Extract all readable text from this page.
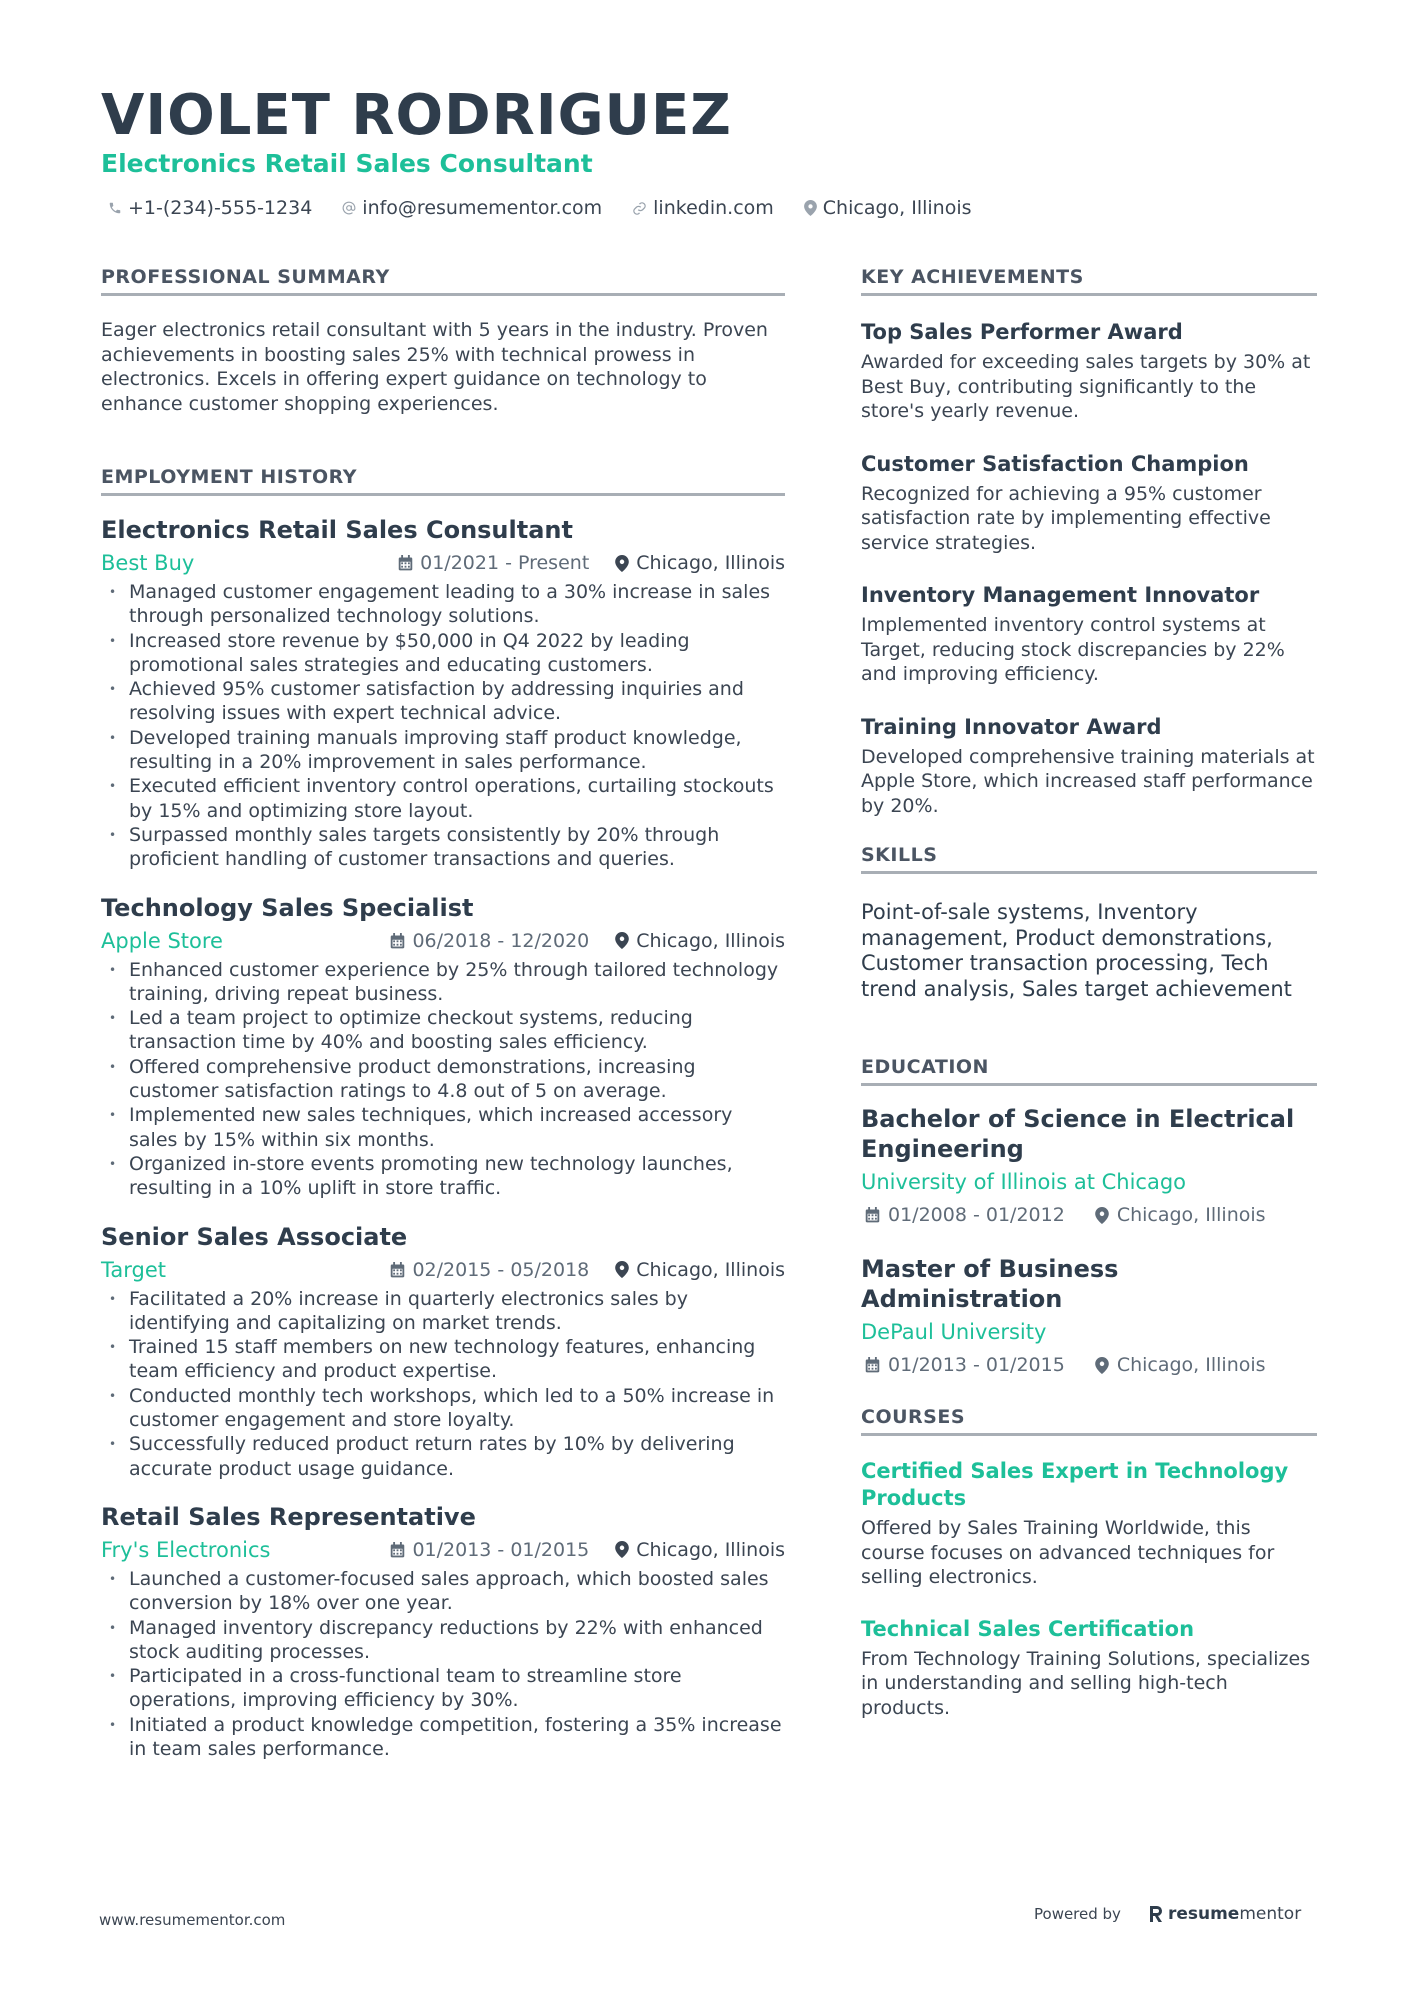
VIOLET RODRIGUEZ
Electronics Retail Sales Consultant
+1-(234)-555-1234	info@resumementor.com	linkedin.com	Chicago, Illinois
PROFESSIONAL SUMMARY

Eager electronics retail consultant with 5 years in the industry. Proven achievements in boosting sales 25% with technical prowess in electronics. Excels in offering expert guidance on technology to enhance customer shopping experiences.

EMPLOYMENT HISTORY
Electronics Retail Sales Consultant
Best Buy	01/2021 - Present Chicago, Illinois
• Managed customer engagement leading to a 30% increase in sales through personalized technology solutions.
• Increased store revenue by $50,000 in Q4 2022 by leading promotional sales strategies and educating customers.
• Achieved 95% customer satisfaction by addressing inquiries and resolving issues with expert technical advice.
• Developed training manuals improving staff product knowledge, resulting in a 20% improvement in sales performance.
• Executed efficient inventory control operations, curtailing stockouts by 15% and optimizing store layout.
• Surpassed monthly sales targets consistently by 20% through proficient handling of customer transactions and queries.
Technology Sales Specialist
Apple Store	06/2018 - 12/2020 Chicago, Illinois
• Enhanced customer experience by 25% through tailored technology training, driving repeat business.
• Led a team project to optimize checkout systems, reducing transaction time by 40% and boosting sales efficiency.
• Offered comprehensive product demonstrations, increasing customer satisfaction ratings to 4.8 out of 5 on average.
• Implemented new sales techniques, which increased accessory sales by 15% within six months.
• Organized in-store events promoting new technology launches, resulting in a 10% uplift in store traffic.
Senior Sales Associate
Target	02/2015 - 05/2018 Chicago, Illinois
• Facilitated a 20% increase in quarterly electronics sales by identifying and capitalizing on market trends.
• Trained 15 staff members on new technology features, enhancing team efficiency and product expertise.
• Conducted monthly tech workshops, which led to a 50% increase in customer engagement and store loyalty.
• Successfully reduced product return rates by 10% by delivering accurate product usage guidance.
Retail Sales Representative
Fry's Electronics	01/2013 - 01/2015 Chicago, Illinois
• Launched a customer-focused sales approach, which boosted sales conversion by 18% over one year.
• Managed inventory discrepancy reductions by 22% with enhanced stock auditing processes.
• Participated in a cross-functional team to streamline store operations, improving efficiency by 30%.
• Initiated a product knowledge competition, fostering a 35% increase in team sales performance.
KEY ACHIEVEMENTS
Top Sales Performer Award

Awarded for exceeding sales targets by 30% at Best Buy, contributing significantly to the store's yearly revenue.

Customer Satisfaction Champion

Recognized for achieving a 95% customer satisfaction rate by implementing effective service strategies.

Inventory Management Innovator

Implemented inventory control systems at Target, reducing stock discrepancies by 22% and improving efficiency.

Training Innovator Award

Developed comprehensive training materials at Apple Store, which increased staff performance by 20%.

SKILLS

Point-of-sale systems, Inventory management, Product demonstrations, Customer transaction processing, Tech trend analysis, Sales target achievement

EDUCATION
Bachelor of Science in Electrical Engineering
University of Illinois at Chicago
01/2008 - 01/2012	Chicago, Illinois
Master of Business Administration
DePaul University
01/2013 - 01/2015	Chicago, Illinois
COURSES
Certified Sales Expert in Technology Products

Offered by Sales Training Worldwide, this course focuses on advanced techniques for selling electronics.

Technical Sales Certification

From Technology Training Solutions, specializes in understanding and selling high-tech products.

www.resumementor.com	Powered by	resume mentor
